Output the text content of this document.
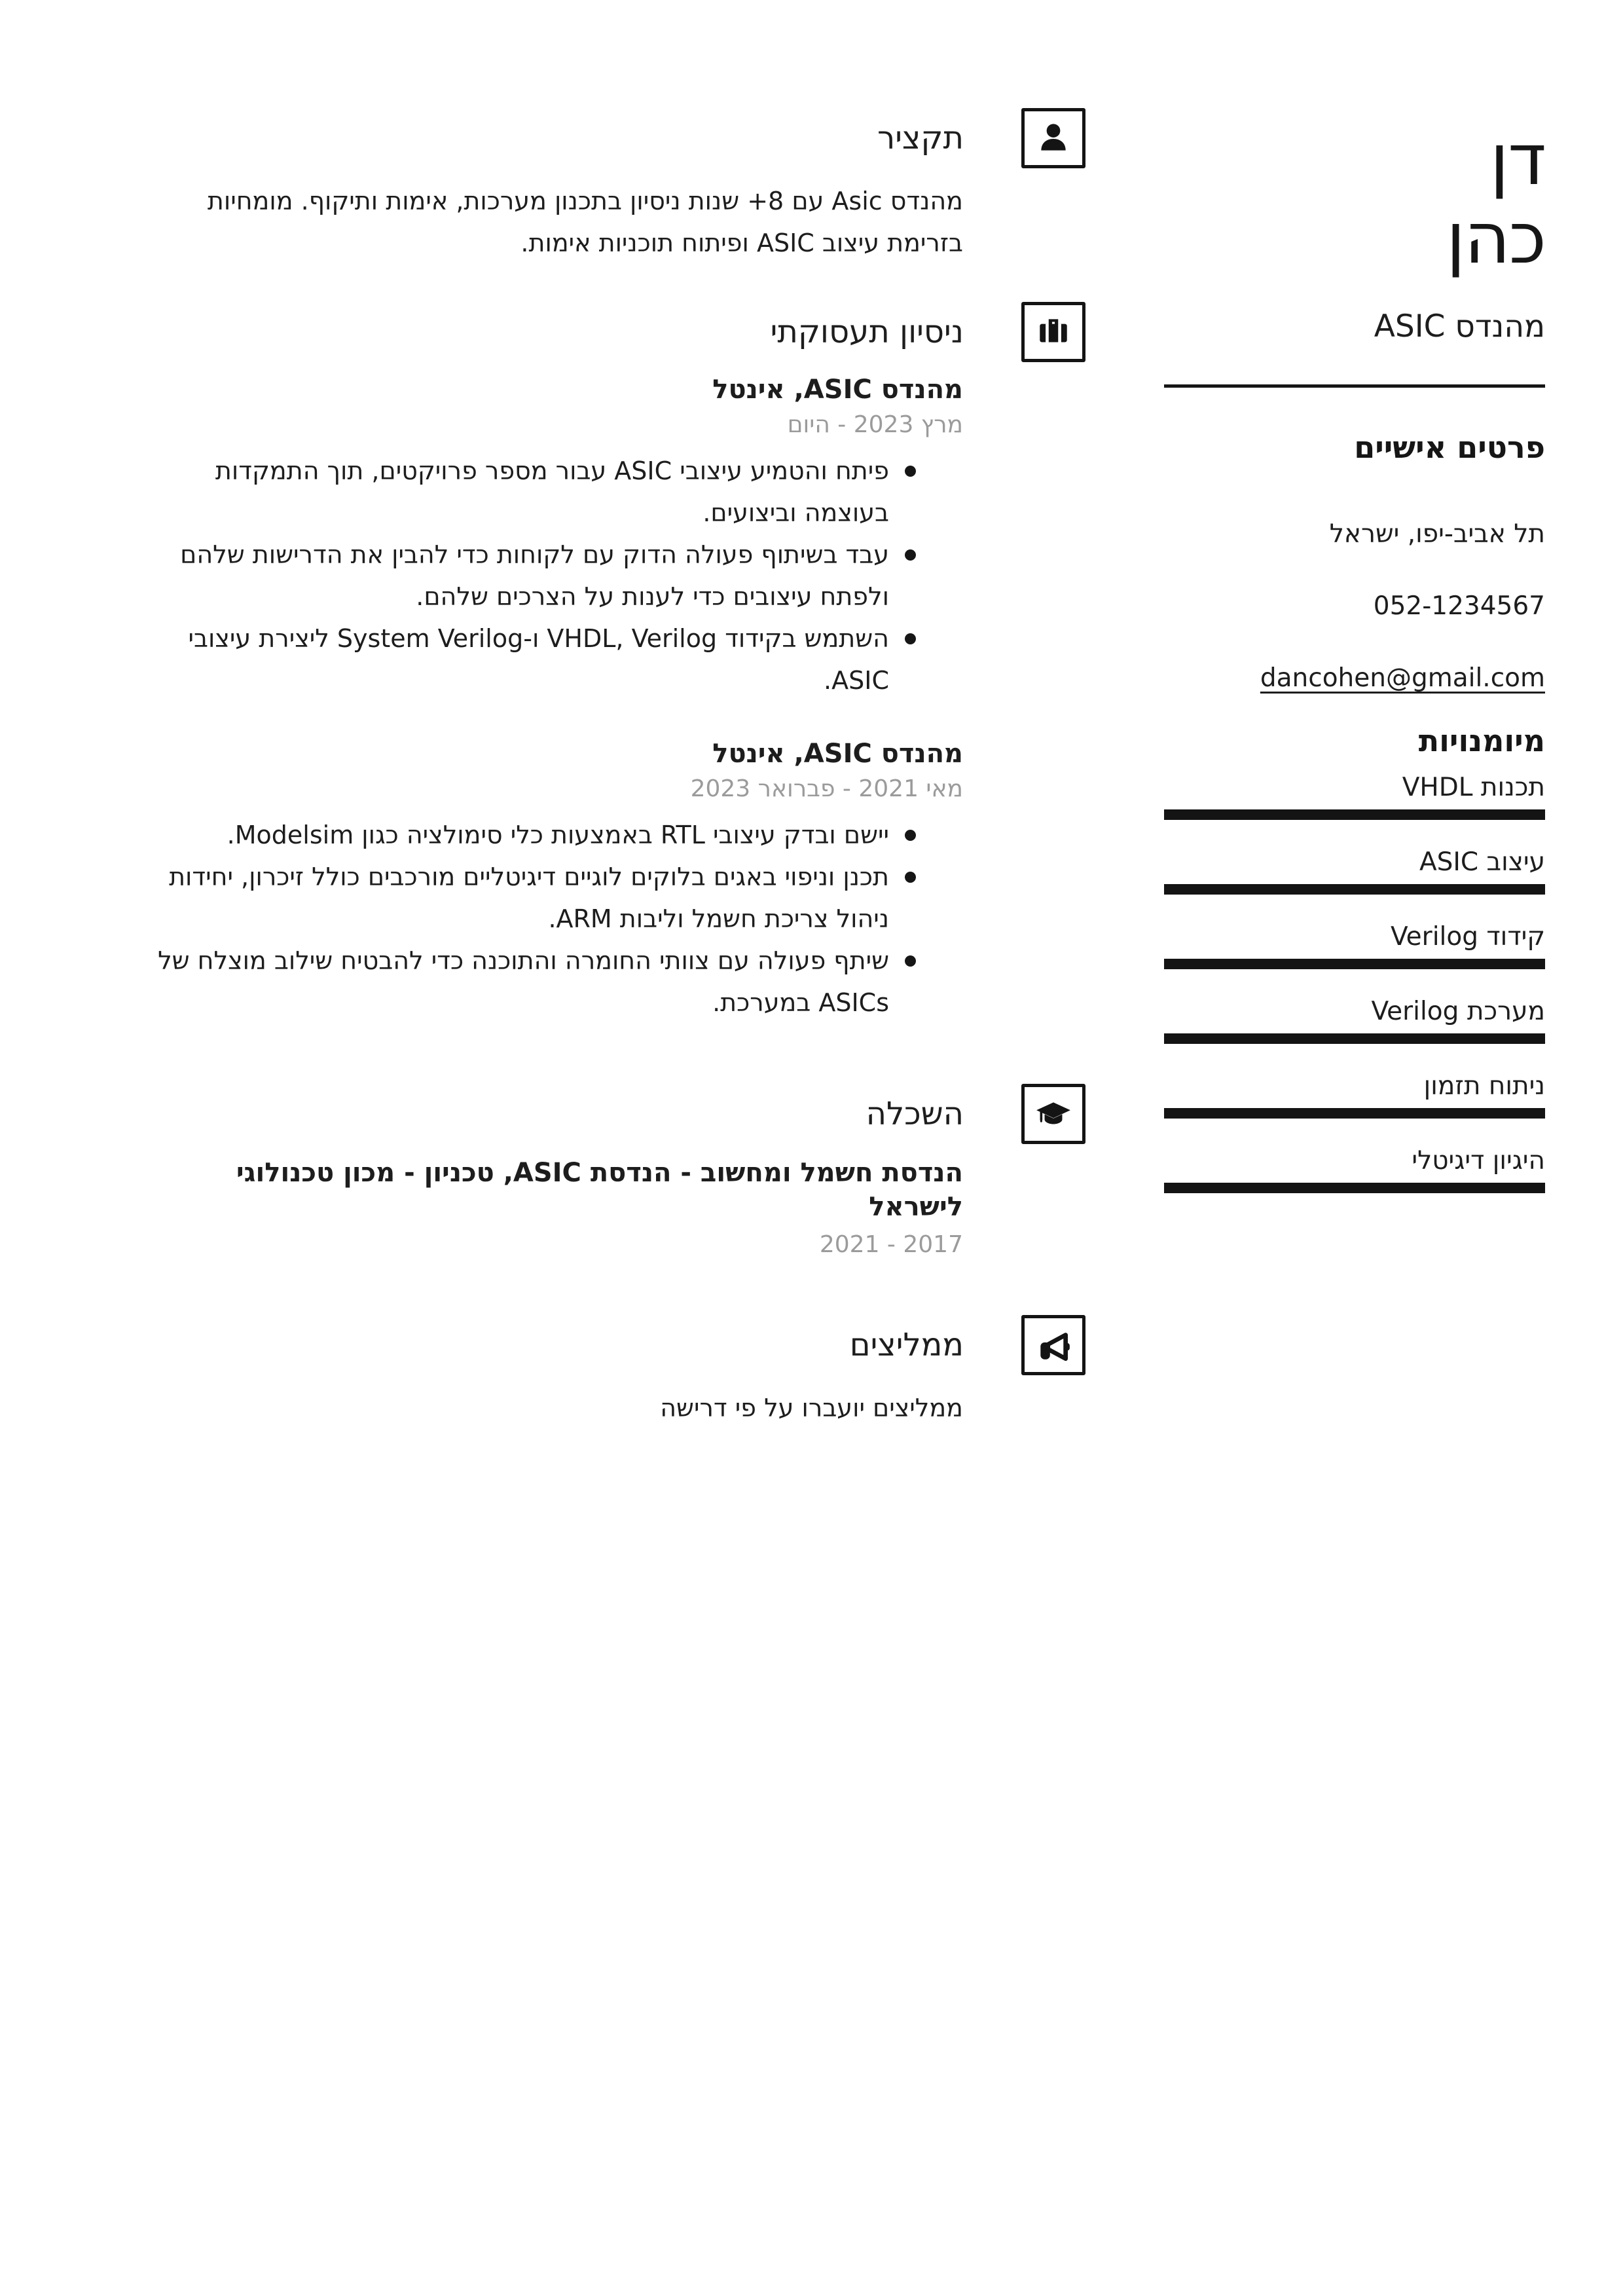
דן
כהן
מהנדס ASIC
פרטים אישיים
תל אביב-יפו, ישראל
052-1234567
dancohen@gmail.com
מיומנויות
תכנות VHDL
עיצוב ASIC
קידוד Verilog
מערכת Verilog
ניתוח תזמון
היגיון דיגיטלי
תקציר

מהנדס Asic עם 8+ שנות ניסיון בתכנון מערכות, אימות ותיקוף. מומחיות בזרימת עיצוב ASIC ופיתוח תוכניות אימות.

ניסיון תעסוקתי
מהנדס ASIC, אינטל
מרץ 2023 - היום
פיתח והטמיע עיצובי ASIC עבור מספר פרויקטים, תוך התמקדות בעוצמה וביצועים.
עבד בשיתוף פעולה הדוק עם לקוחות כדי להבין את הדרישות שלהם ולפתח עיצובים כדי לענות על הצרכים שלהם.
השתמש בקידוד VHDL, Verilog ו-System Verilog ליצירת עיצובי ASIC.
מהנדס ASIC, אינטל
מאי 2021 - פברואר 2023
יישם ובדק עיצובי RTL באמצעות כלי סימולציה כגון Modelsim.
תכנן וניפוי באגים בלוקים לוגיים דיגיטליים מורכבים כולל זיכרון, יחידות ניהול צריכת חשמל וליבות ARM.
שיתף פעולה עם צוותי החומרה והתוכנה כדי להבטיח שילוב מוצלח של ASICs במערכת.
השכלה
הנדסת חשמל ומחשוב - הנדסת ASIC, טכניון - מכון טכנולוגי לישראל
2017 - 2021
ממליצים

ממליצים יועברו על פי דרישה
